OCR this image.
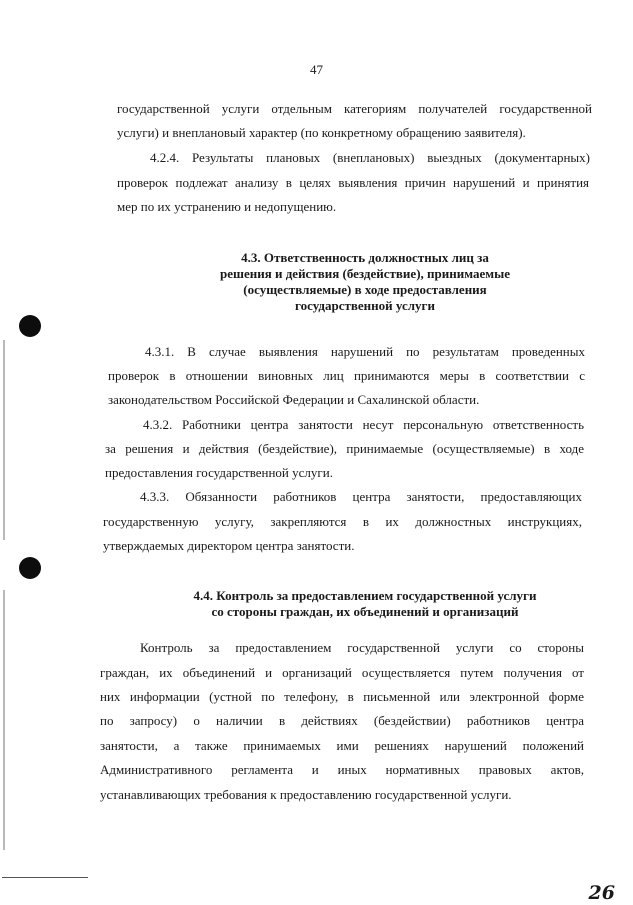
47
государственной услуги отдельным категориям получателей государственной
услуги) и внеплановый характер (по конкретному обращению заявителя).
4.2.4. Результаты плановых (внеплановых) выездных (документарных)
проверок подлежат анализу в целях выявления причин нарушений и принятия
мер по их устранению и недопущению.
4.3. Ответственность должностных лиц за
решения и действия (бездействие), принимаемые
(осуществляемые) в ходе предоставления
государственной услуги
4.3.1. В случае выявления нарушений по результатам проведенных
проверок в отношении виновных лиц принимаются меры в соответствии с
законодательством Российской Федерации и Сахалинской области.
4.3.2. Работники центра занятости несут персональную ответственность
за решения и действия (бездействие), принимаемые (осуществляемые) в ходе
предоставления государственной услуги.
4.3.3. Обязанности работников центра занятости, предоставляющих
государственную услугу, закрепляются в их должностных инструкциях,
утверждаемых директором центра занятости.
4.4. Контроль за предоставлением государственной услуги
со стороны граждан, их объединений и организаций
Контроль за предоставлением государственной услуги со стороны
граждан, их объединений и организаций осуществляется путем получения от
них информации (устной по телефону, в письменной или электронной форме
по запросу) о наличии в действиях (бездействии) работников центра
занятости, а также принимаемых ими решениях нарушений положений
Административного регламента и иных нормативных правовых актов,
устанавливающих требования к предоставлению государственной услуги.
26
